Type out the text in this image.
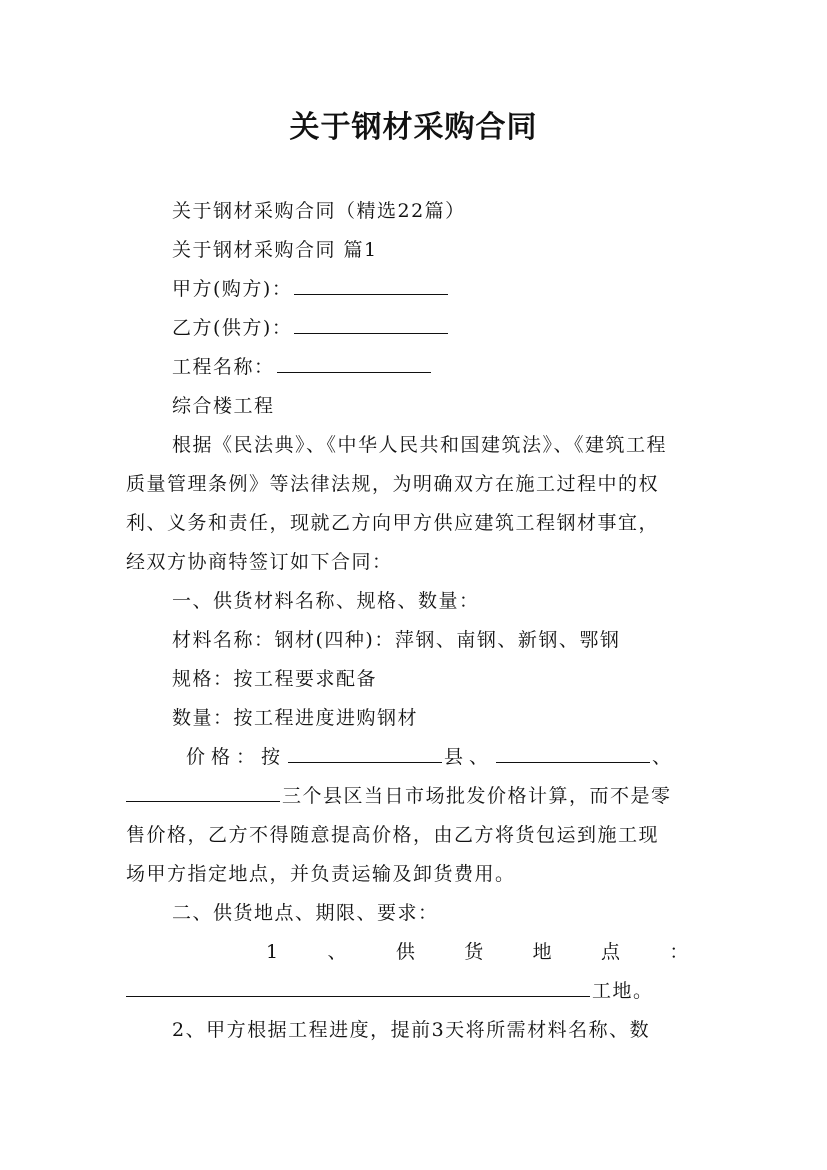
关于钢材采购合同
关于钢材采购合同（精选22篇）
关于钢材采购合同 篇1
甲方(购方)：
乙方(供方)：
工程名称：
综合楼工程
根据《民法典》、《中华人民共和国建筑法》、《建筑工程
质量管理条例》等法律法规，为明确双方在施工过程中的权
利、义务和责任，现就乙方向甲方供应建筑工程钢材事宜，
经双方协商特签订如下合同：
一、供货材料名称、规格、数量：
材料名称：钢材(四种)：萍钢、南钢、新钢、鄂钢
规格：按工程要求配备
数量：按工程进度进购钢材
价格：按	县、	、
三个县区当日市场批发价格计算，而不是零
售价格，乙方不得随意提高价格，由乙方将货包运到施工现
场甲方指定地点，并负责运输及卸货费用。
二、供货地点、期限、要求：
1	、	供	货	地	点	：
工地。
2、甲方根据工程进度，提前3天将所需材料名称、数
